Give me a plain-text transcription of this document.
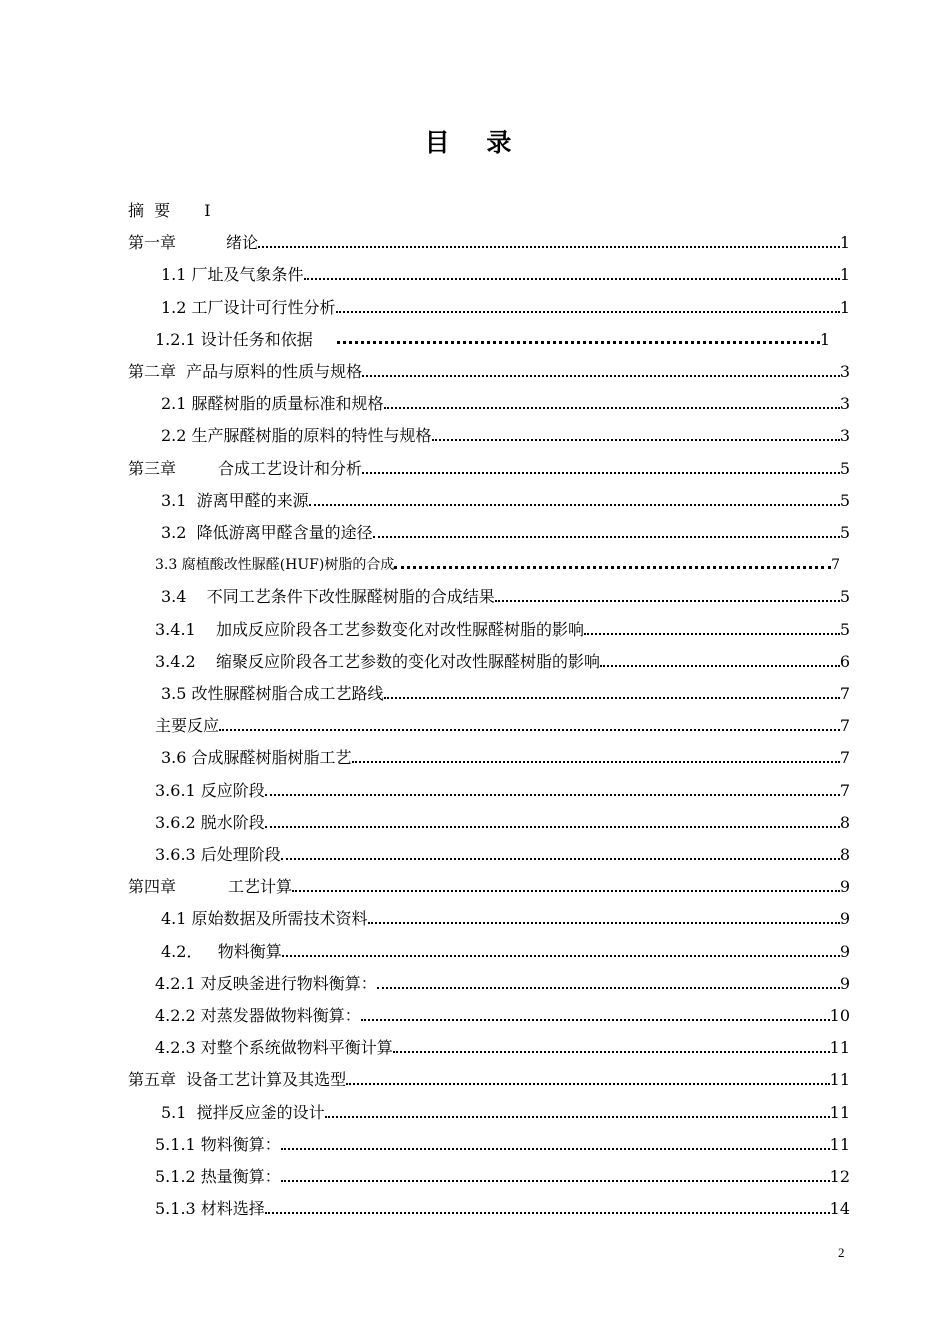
目 录
摘  要 I
第一章	绪论	1
1.1 厂址及气象条件	1
1.2 工厂设计可行性分析	1
1.2.1 设计任务和依据	1
第二章  产品与原料的性质与规格	3
2.1 脲醛树脂的质量标准和规格	3
2.2 生产脲醛树脂的原料的特性与规格	3
第三章	合成工艺设计和分析	5
3.1  游离甲醛的来源	5
3.2  降低游离甲醛含量的途径	5
3.3 腐植酸改性脲醛(HUF)树脂的合成	7
3.4    不同工艺条件下改性脲醛树脂的合成结果	5
3.4.1    加成反应阶段各工艺参数变化对改性脲醛树脂的影响	5
3.4.2    缩聚反应阶段各工艺参数的变化对改性脲醛树脂的影响	6
3.5 改性脲醛树脂合成工艺路线	7
主要反应	7
3.6 合成脲醛树脂树脂工艺	7
3.6.1 反应阶段	7
3.6.2 脱水阶段	8
3.6.3 后处理阶段	8
第四章	工艺计算	9
4.1 原始数据及所需技术资料	9
4.2．   物料衡算	9
4.2.1 对反映釜进行物料衡算：	9
4.2.2 对蒸发器做物料衡算：	10
4.2.3 对整个系统做物料平衡计算	11
第五章  设备工艺计算及其选型	11
5.1  搅拌反应釜的设计	11
5.1.1 物料衡算：	11
5.1.2 热量衡算：	12
5.1.3 材料选择	14
2
